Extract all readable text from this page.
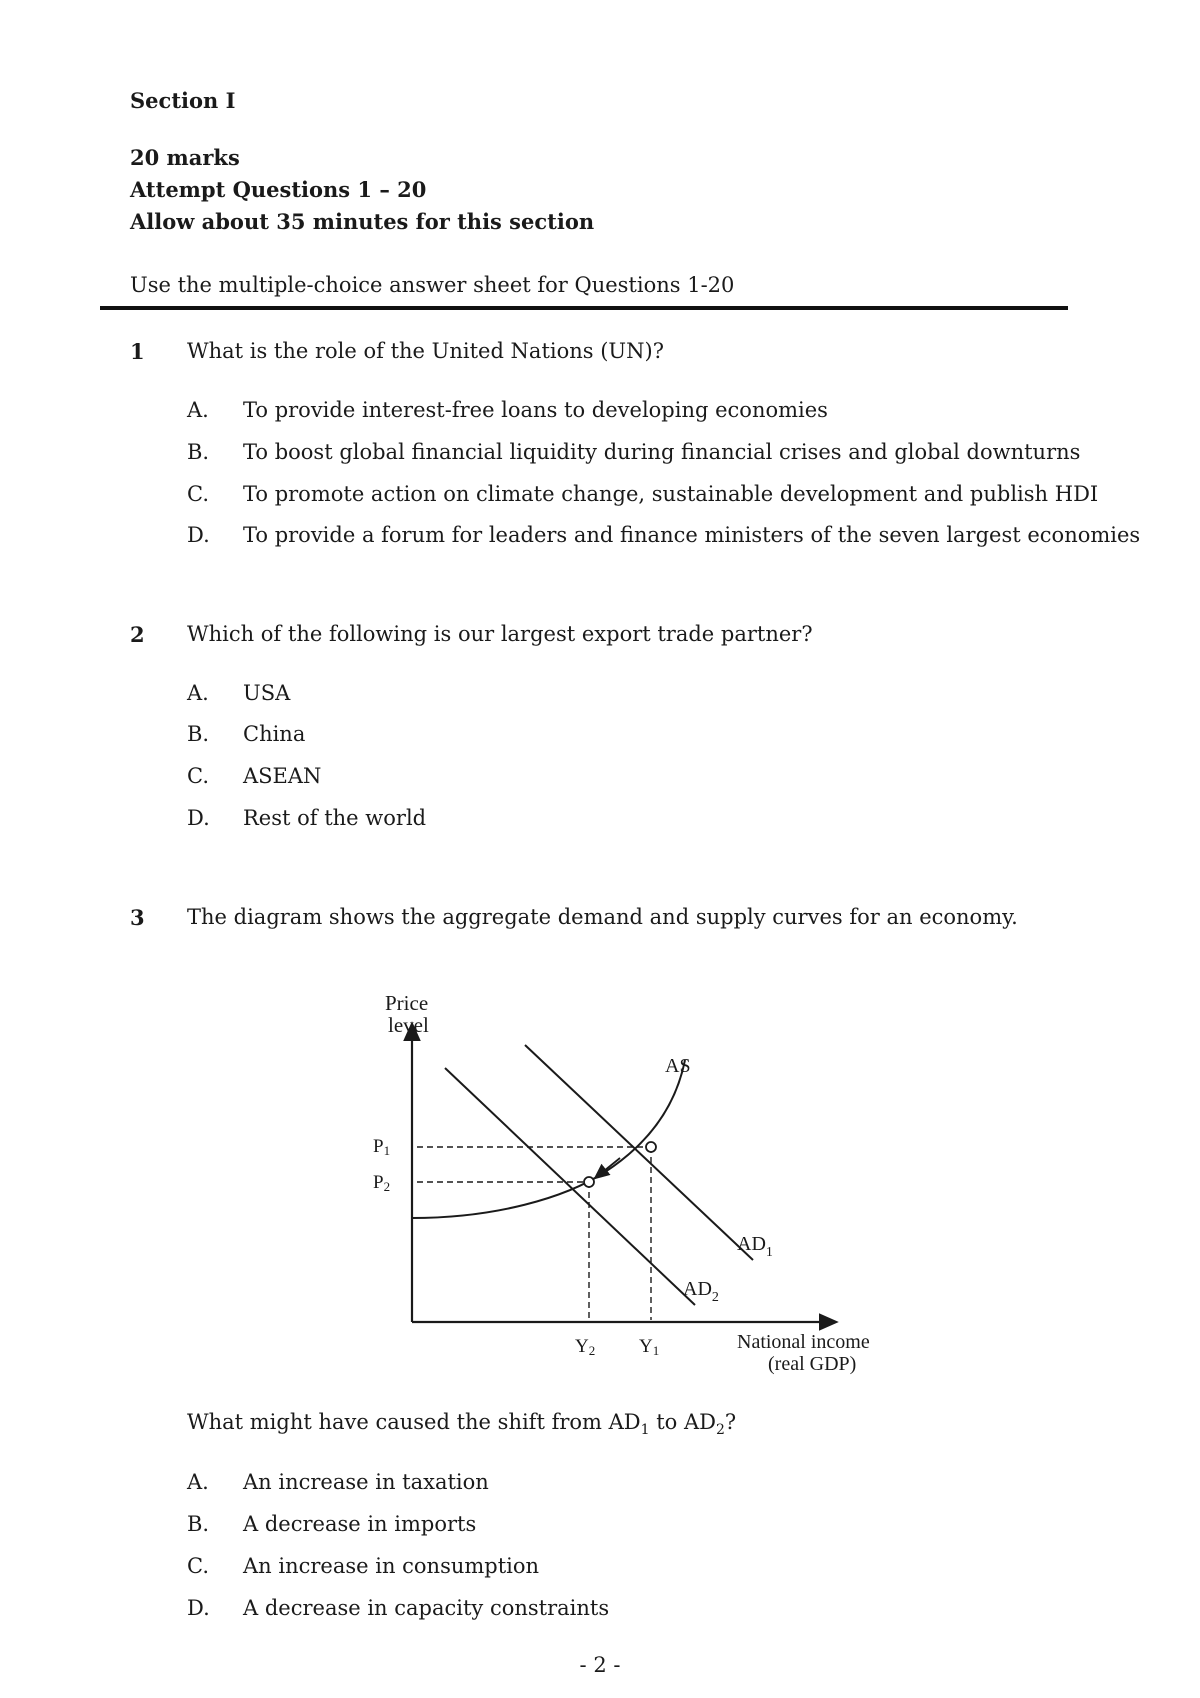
Section I
20 marks
Attempt Questions 1 – 20
Allow about 35 minutes for this section
Use the multiple-choice answer sheet for Questions 1-20
1 What is the role of the United Nations (UN)?
A. To provide interest-free loans to developing economies
B. To boost global financial liquidity during financial crises and global downturns
C. To promote action on climate change, sustainable development and publish HDI
D. To provide a forum for leaders and finance ministers of the seven largest economies
2 Which of the following is our largest export trade partner?
A. USA
B. China
C. ASEAN
D. Rest of the world
3 The diagram shows the aggregate demand and supply curves for an economy.
Price level
AS
$AD_1$
$AD_2$
P1
P2
Y2 Y1	National income (real GDP)
What might have caused the shift from $AD_1$ to $AD_2$?
A. An increase in taxation
B. A decrease in imports
C. An increase in consumption
D. A decrease in capacity constraints
- 2 -
